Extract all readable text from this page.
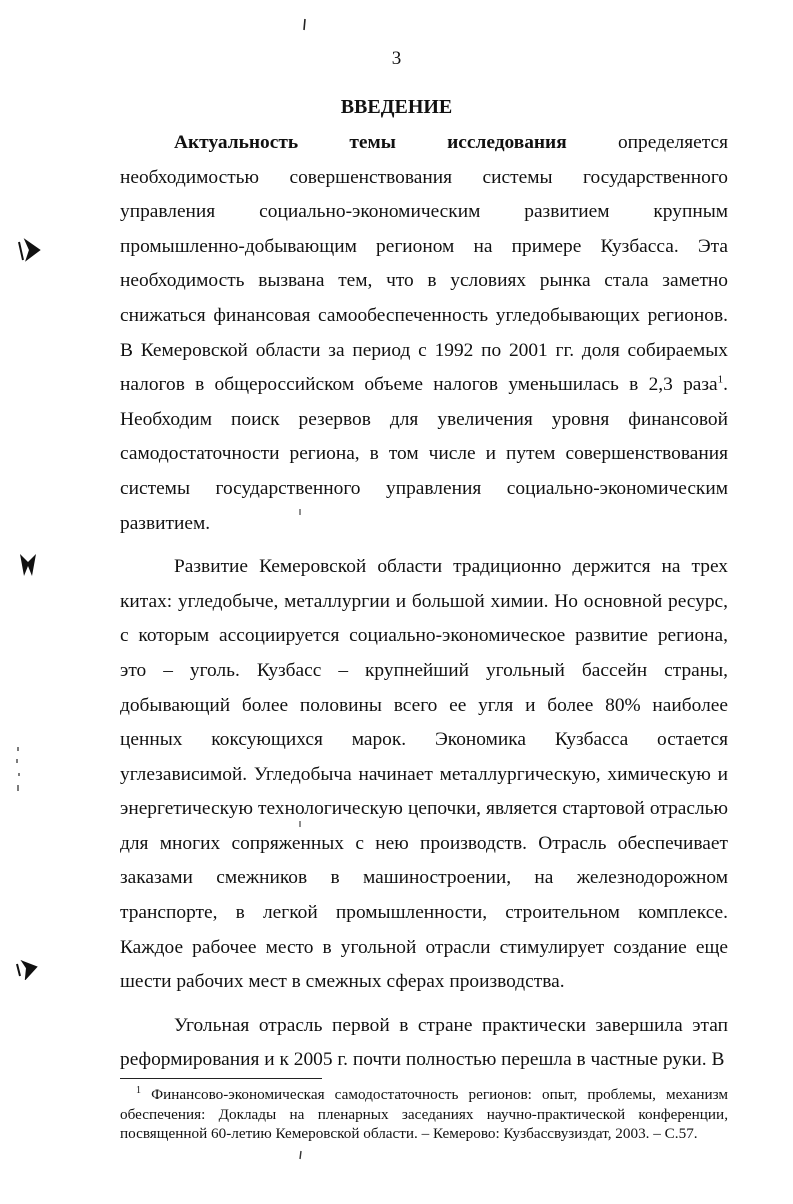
3
ВВЕДЕНИЕ

Актуальность темы исследования определяется необходимостью совершенствования системы государственного управления социально-экономическим развитием крупным промышленно-добывающим регионом на примере Кузбасса. Эта необходимость вызвана тем, что в условиях рынка стала заметно снижаться финансовая самообеспеченность угледобывающих регионов. В Кемеровской области за период с 1992 по 2001 гг. доля собираемых налогов в общероссийском объеме налогов уменьшилась в 2,3 раза$^1$. Необходим поиск резервов для увеличения уровня финансовой самодостаточности региона, в том числе и путем совершенствования системы государственного управления социально-экономическим развитием.

Развитие Кемеровской области традиционно держится на трех китах: угледобыче, металлургии и большой химии. Но основной ресурс, с которым ассоциируется социально-экономическое развитие региона, это – уголь. Кузбасс – крупнейший угольный бассейн страны, добывающий более половины всего ее угля и более 80% наиболее ценных коксующихся марок. Экономика Кузбасса остается углезависимой. Угледобыча начинает металлургическую, химическую и энергетическую технологическую цепочки, является стартовой отраслью для многих сопряженных с нею производств. Отрасль обеспечивает заказами смежников в машиностроении, на железнодорожном транспорте, в легкой промышленности, строительном комплексе. Каждое рабочее место в угольной отрасли стимулирует создание еще шести рабочих мест в смежных сферах производства.

Угольная отрасль первой в стране практически завершила этап реформирования и к 2005 г. почти полностью перешла в частные руки. В

$^1$ Финансово-экономическая самодостаточность регионов: опыт, проблемы, механизм обеспечения: Доклады на пленарных заседаниях научно-практической конференции, посвященной 60-летию Кемеровской области. – Кемерово: Кузбассвузиздат, 2003. – С.57.
